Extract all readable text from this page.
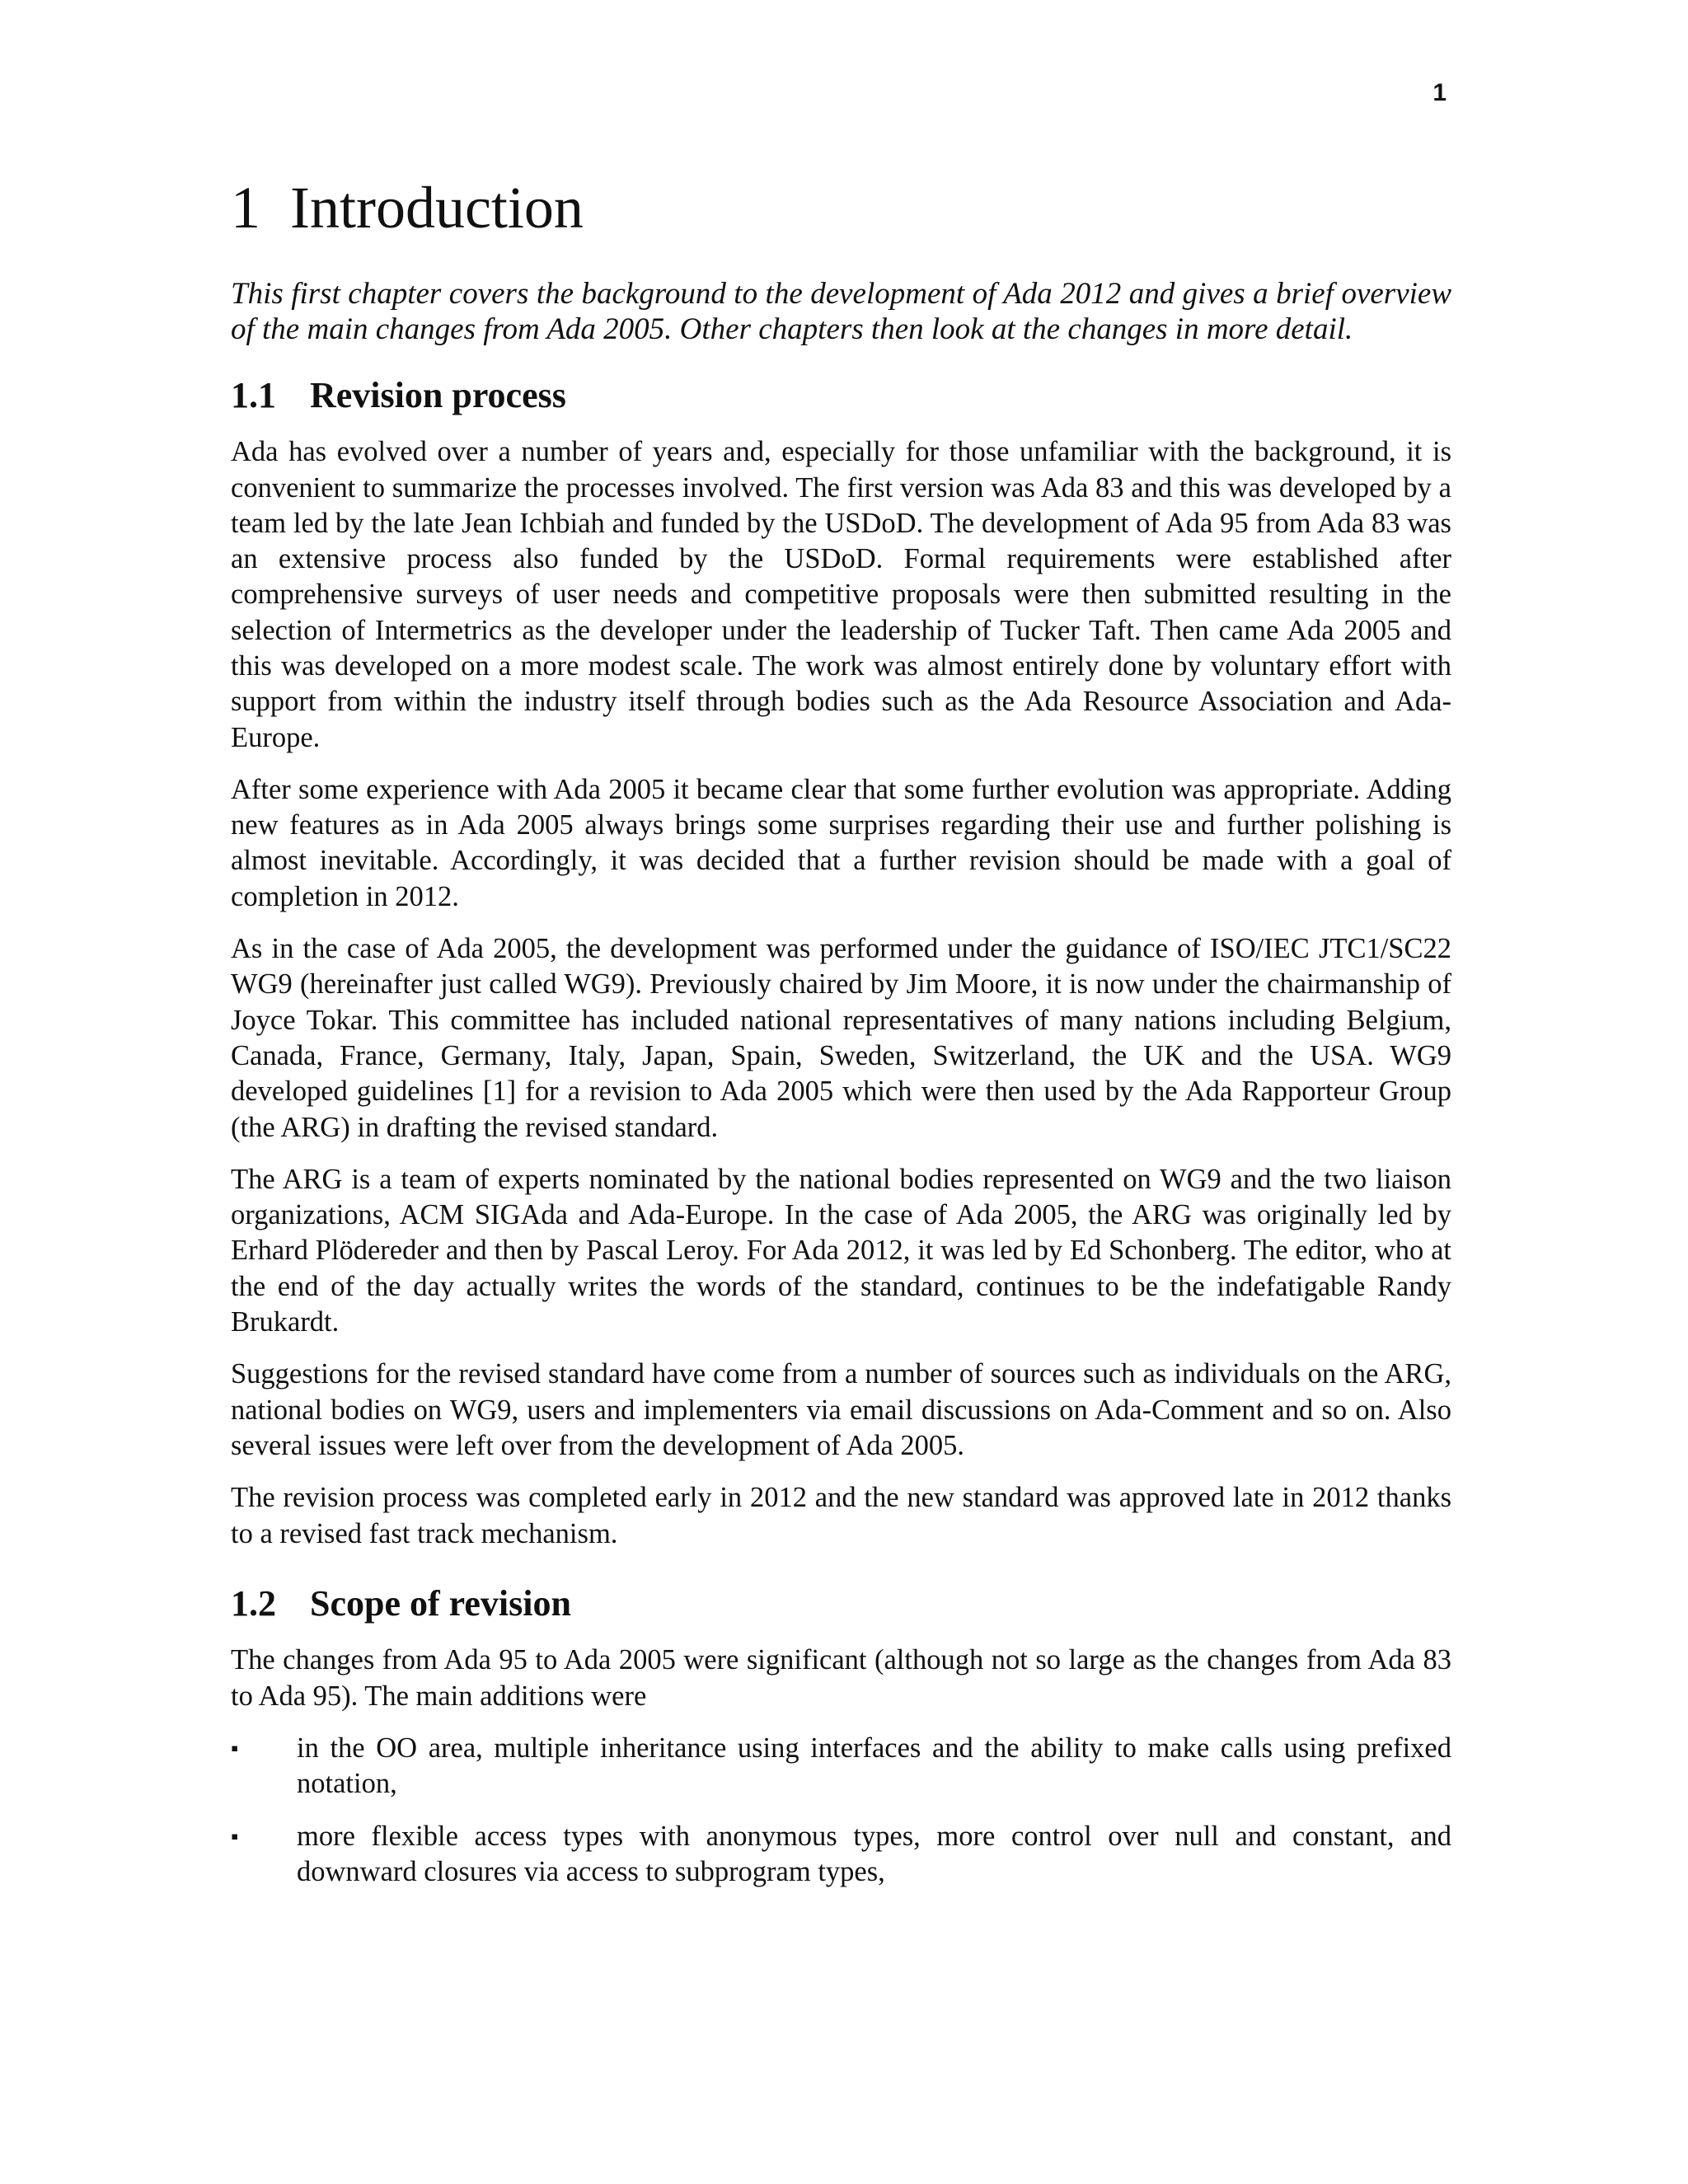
1
1 Introduction

This first chapter covers the background to the development of Ada 2012 and gives a brief overview of the main changes from Ada 2005. Other chapters then look at the changes in more detail.

1.1 Revision process

Ada has evolved over a number of years and, especially for those unfamiliar with the background, it is convenient to summarize the processes involved. The first version was Ada 83 and this was developed by a team led by the late Jean Ichbiah and funded by the USDoD. The development of Ada 95 from Ada 83 was an extensive process also funded by the USDoD. Formal requirements were established after comprehensive surveys of user needs and competitive proposals were then submitted resulting in the selection of Intermetrics as the developer under the leadership of Tucker Taft. Then came Ada 2005 and this was developed on a more modest scale. The work was almost entirely done by voluntary effort with support from within the industry itself through bodies such as the Ada Resource Association and Ada-Europe.

After some experience with Ada 2005 it became clear that some further evolution was appropriate. Adding new features as in Ada 2005 always brings some surprises regarding their use and further polishing is almost inevitable. Accordingly, it was decided that a further revision should be made with a goal of completion in 2012.

As in the case of Ada 2005, the development was performed under the guidance of ISO/IEC JTC1/SC22 WG9 (hereinafter just called WG9). Previously chaired by Jim Moore, it is now under the chairmanship of Joyce Tokar. This committee has included national representatives of many nations including Belgium, Canada, France, Germany, Italy, Japan, Spain, Sweden, Switzerland, the UK and the USA. WG9 developed guidelines [1] for a revision to Ada 2005 which were then used by the Ada Rapporteur Group (the ARG) in drafting the revised standard.

The ARG is a team of experts nominated by the national bodies represented on WG9 and the two liaison organizations, ACM SIGAda and Ada-Europe. In the case of Ada 2005, the ARG was originally led by Erhard Plödereder and then by Pascal Leroy. For Ada 2012, it was led by Ed Schonberg. The editor, who at the end of the day actually writes the words of the standard, continues to be the indefatigable Randy Brukardt.

Suggestions for the revised standard have come from a number of sources such as individuals on the ARG, national bodies on WG9, users and implementers via email discussions on Ada-Comment and so on. Also several issues were left over from the development of Ada 2005.

The revision process was completed early in 2012 and the new standard was approved late in 2012 thanks to a revised fast track mechanism.

1.2 Scope of revision

The changes from Ada 95 to Ada 2005 were significant (although not so large as the changes from Ada 83 to Ada 95). The main additions were

▪ in the OO area, multiple inheritance using interfaces and the ability to make calls using prefixed notation,
▪ more flexible access types with anonymous types, more control over null and constant, and downward closures via access to subprogram types,
